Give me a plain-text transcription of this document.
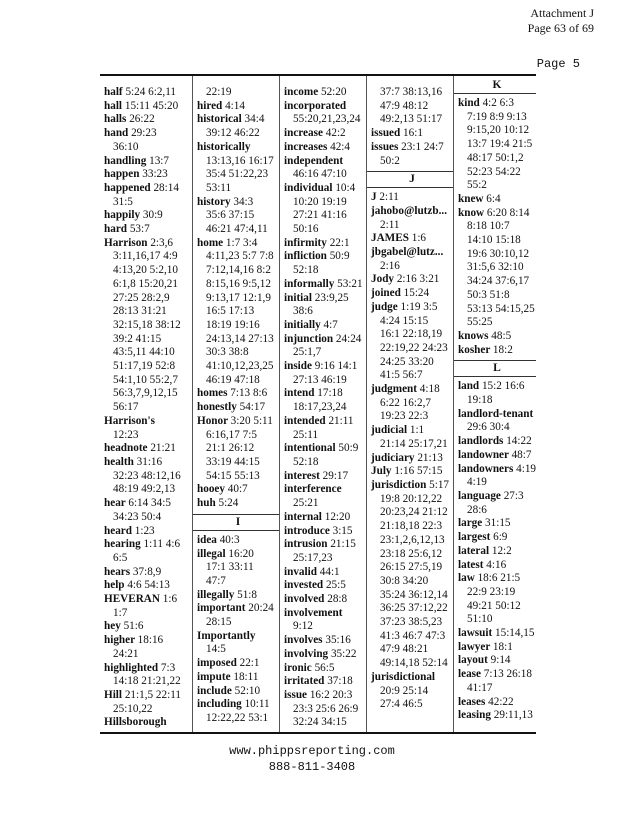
Attachment J
Page 63 of 69
Page 5
half 5:24 6:2,11
hall 15:11 45:20
halls 26:22
hand 29:23
36:10
handling 13:7
happen 33:23
happened 28:14
31:5
happily 30:9
hard 53:7
Harrison 2:3,6
3:11,16,17 4:9
4:13,20 5:2,10
6:1,8 15:20,21
27:25 28:2,9
28:13 31:21
32:15,18 38:12
39:2 41:15
43:5,11 44:10
51:17,19 52:8
54:1,10 55:2,7
56:3,7,9,12,15
56:17
Harrison's
12:23
headnote 21:21
health 31:16
32:23 48:12,16
48:19 49:2,13
hear 6:14 34:5
34:23 50:4
heard 1:23
hearing 1:11 4:6
6:5
hears 37:8,9
help 4:6 54:13
HEVERAN 1:6
1:7
hey 51:6
higher 18:16
24:21
highlighted 7:3
14:18 21:21,22
Hill 21:1,5 22:11
25:10,22
Hillsborough
22:19
hired 4:14
historical 34:4
39:12 46:22
historically
13:13,16 16:17
35:4 51:22,23
53:11
history 34:3
35:6 37:15
46:21 47:4,11
home 1:7 3:4
4:11,23 5:7 7:8
7:12,14,16 8:2
8:15,16 9:5,12
9:13,17 12:1,9
16:5 17:13
18:19 19:16
24:13,14 27:13
30:3 38:8
41:10,12,23,25
46:19 47:18
homes 7:13 8:6
honestly 54:17
Honor 3:20 5:11
6:16,17 7:5
21:1 26:12
33:19 44:15
54:15 55:13
hooey 40:7
huh 5:24
I
idea 40:3
illegal 16:20
17:1 33:11
47:7
illegally 51:8
important 20:24
28:15
Importantly
14:5
imposed 22:1
impute 18:11
include 52:10
including 10:11
12:22,22 53:1
income 52:20
incorporated
55:20,21,23,24
increase 42:2
increases 42:4
independent
46:16 47:10
individual 10:4
10:20 19:19
27:21 41:16
50:16
infirmity 22:1
infliction 50:9
52:18
informally 53:21
initial 23:9,25
38:6
initially 4:7
injunction 24:24
25:1,7
inside 9:16 14:1
27:13 46:19
intend 17:18
18:17,23,24
intended 21:11
25:11
intentional 50:9
52:18
interest 29:17
interference
25:21
internal 12:20
introduce 3:15
intrusion 21:15
25:17,23
invalid 44:1
invested 25:5
involved 28:8
involvement
9:12
involves 35:16
involving 35:22
ironic 56:5
irritated 37:18
issue 16:2 20:3
23:3 25:6 26:9
32:24 34:15
37:7 38:13,16
47:9 48:12
49:2,13 51:17
issued 16:1
issues 23:1 24:7
50:2
J
J 2:11
jahobo@lutzb...
2:11
JAMES 1:6
jbgabel@lutz...
2:16
Jody 2:16 3:21
joined 15:24
judge 1:19 3:5
4:24 15:15
16:1 22:18,19
22:19,22 24:23
24:25 33:20
41:5 56:7
judgment 4:18
6:22 16:2,7
19:23 22:3
judicial 1:1
21:14 25:17,21
judiciary 21:13
July 1:16 57:15
jurisdiction 5:17
19:8 20:12,22
20:23,24 21:12
21:18,18 22:3
23:1,2,6,12,13
23:18 25:6,12
26:15 27:5,19
30:8 34:20
35:24 36:12,14
36:25 37:12,22
37:23 38:5,23
41:3 46:7 47:3
47:9 48:21
49:14,18 52:14
jurisdictional
20:9 25:14
27:4 46:5
K
kind 4:2 6:3
7:19 8:9 9:13
9:15,20 10:12
13:7 19:4 21:5
48:17 50:1,2
52:23 54:22
55:2
knew 6:4
know 6:20 8:14
8:18 10:7
14:10 15:18
19:6 30:10,12
31:5,6 32:10
34:24 37:6,17
50:3 51:8
53:13 54:15,25
55:25
knows 48:5
kosher 18:2
L
land 15:2 16:6
19:18
landlord-tenant
29:6 30:4
landlords 14:22
landowner 48:7
landowners 4:19
4:19
language 27:3
28:6
large 31:15
largest 6:9
lateral 12:2
latest 4:16
law 18:6 21:5
22:9 23:19
49:21 50:12
51:10
lawsuit 15:14,15
lawyer 18:1
layout 9:14
lease 7:13 26:18
41:17
leases 42:22
leasing 29:11,13
www.phippsreporting.com
888-811-3408
